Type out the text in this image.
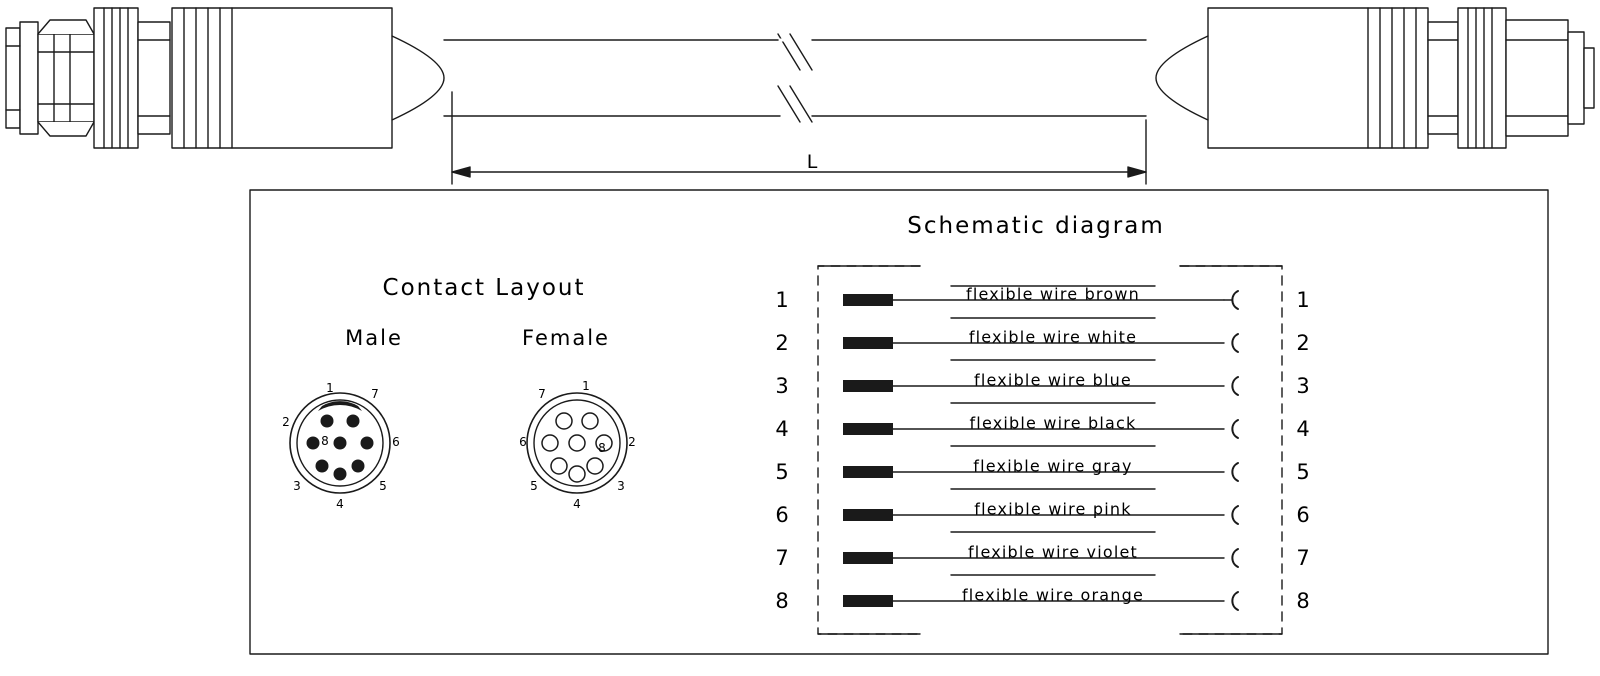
L
Schematic diagram
Contact Layout
Male	Female
1
2
3
4
5
6
7
8
1
2
3
4
5
6
7
8
1
2
3
4
5
6
7
8
1
2
3
4
5
6
7
8
flexible wire brown
flexible wire white
flexible wire blue
flexible wire black
flexible wire gray
flexible wire pink
flexible wire violet
flexible wire orange
